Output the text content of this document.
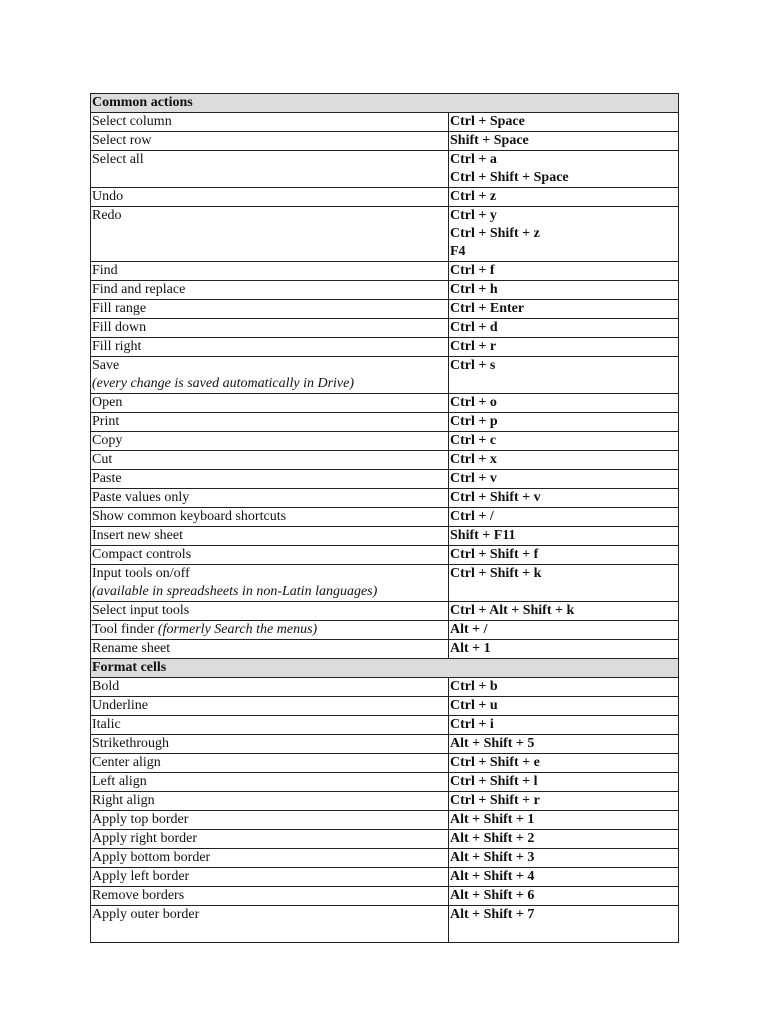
Common actions	
Select column	Ctrl + Space

Select row	Shift + Space

Select all	Ctrl + a
Ctrl + Shift + Space

Undo	Ctrl + z

Redo	Ctrl + y
Ctrl + Shift + z
F4

Find	Ctrl + f

Find and replace	Ctrl + h

Fill range	Ctrl + Enter

Fill down	Ctrl + d

Fill right	Ctrl + r

Save
(every change is saved automatically in Drive)	Ctrl + s

Open	Ctrl + o

Print	Ctrl + p

Copy	Ctrl + c

Cut	Ctrl + x

Paste	Ctrl + v

Paste values only	Ctrl + Shift + v

Show common keyboard shortcuts	Ctrl + /

Insert new sheet	Shift + F11

Compact controls	Ctrl + Shift + f

Input tools on/off
(available in spreadsheets in non-Latin languages)	Ctrl + Shift + k

Select input tools	Ctrl + Alt + Shift + k

Tool finder (formerly Search the menus)	Alt + /

Rename sheet	Alt + 1

Format cells	
Bold	Ctrl + b

Underline	Ctrl + u

Italic	Ctrl + i

Strikethrough	Alt + Shift + 5

Center align	Ctrl + Shift + e

Left align	Ctrl + Shift + l

Right align	Ctrl + Shift + r

Apply top border	Alt + Shift + 1

Apply right border	Alt + Shift + 2

Apply bottom border	Alt + Shift + 3

Apply left border	Alt + Shift + 4

Remove borders	Alt + Shift + 6

Apply outer border	Alt + Shift + 7
